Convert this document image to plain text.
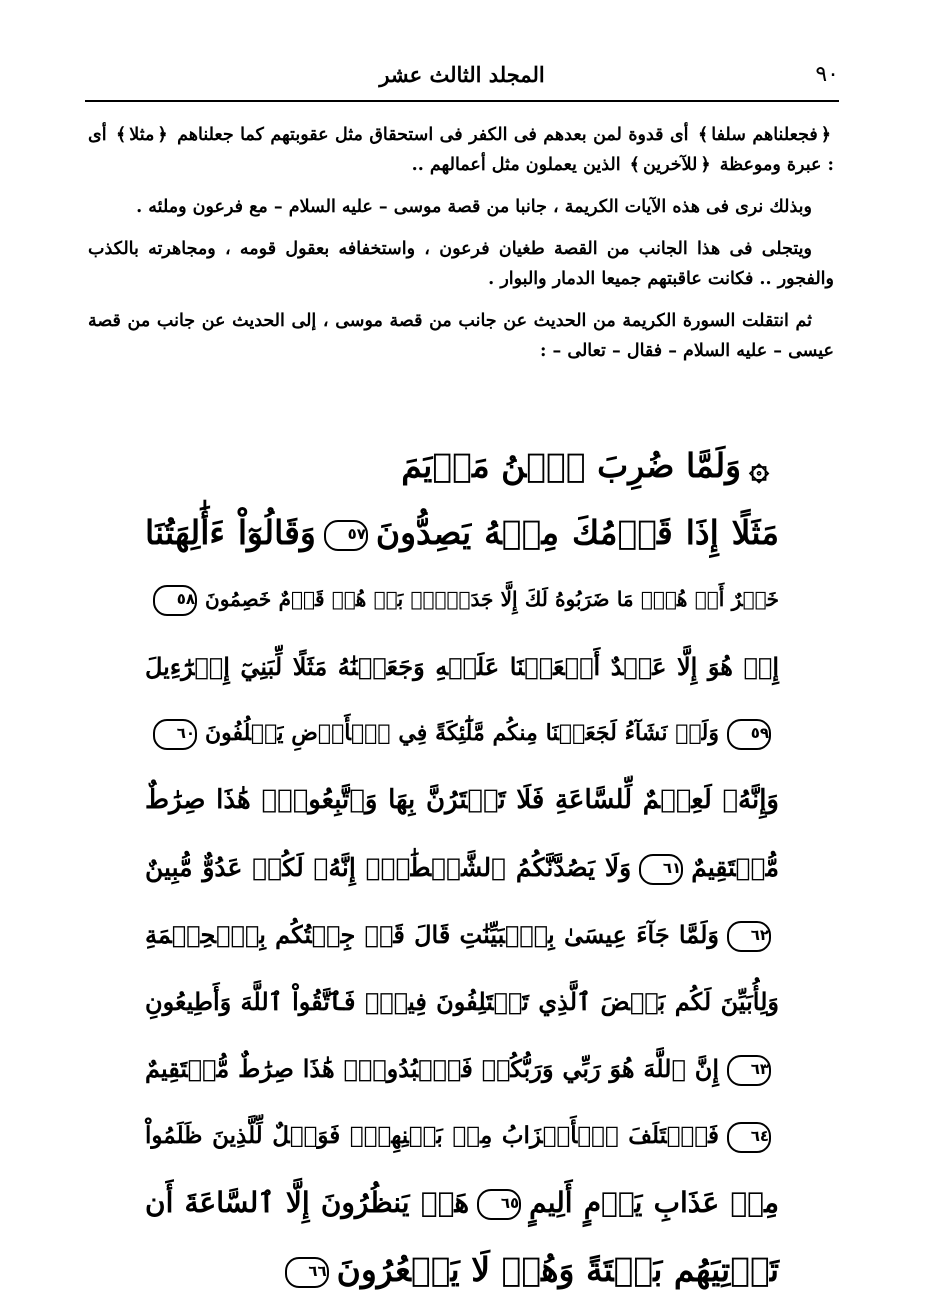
٩٠
المجلد الثالث عشر

﴿فجعلناهم سلفا﴾ أى قدوة لمن بعدهم فى الكفر فى استحقاق مثل عقوبتهم كما جعلناهم ﴿مثلا﴾ أى : عبرة وموعظة ﴿للآخرين﴾ الذين يعملون مثل أعمالهم ..

وبذلك نرى فى هذه الآيات الكريمة ، جانبا من قصة موسى – عليه السلام – مع فرعون وملئه .

ويتجلى فى هذا الجانب من القصة طغيان فرعون ، واستخفافه بعقول قومه ، ومجاهرته بالكذب والفجور .. فكانت عاقبتهم جميعا الدمار والبوار .

ثم انتقلت السورة الكريمة من الحديث عن جانب من قصة موسى ، إلى الحديث عن جانب من قصة عيسى – عليه السلام – فقال – تعالى – :

۞وَلَمَّا ضُرِبَ ٱبۡنُ مَرۡيَمَ
مَثَلًا إِذَا قَوۡمُكَ مِنۡهُ يَصِدُّونَ٥٧وَقَالُوٓاْ ءَأَٰلِهَتُنَا
خَيۡرٌ أَمۡ هُوَۚ مَا ضَرَبُوهُ لَكَ إِلَّا جَدَلَۢاۚ بَلۡ هُمۡ قَوۡمٌ خَصِمُونَ٥٨
إِنۡ هُوَ إِلَّا عَبۡدٌ أَنۡعَمۡنَا عَلَيۡهِ وَجَعَلۡنَٰهُ مَثَلًا لِّبَنِيٓ إِسۡرَٰٓءِيلَ
٥٩وَلَوۡ نَشَآءُ لَجَعَلۡنَا مِنكُم مَّلَٰٓئِكَةً فِي ٱلۡأَرۡضِ يَخۡلُفُونَ٦٠
وَإِنَّهُۥ لَعِلۡمٌ لِّلسَّاعَةِ فَلَا تَمۡتَرُنَّ بِهَا وَٱتَّبِعُونِۚ هَٰذَا صِرَٰطٌ
مُّسۡتَقِيمٌ٦١وَلَا يَصُدَّنَّكُمُ ٱلشَّيۡطَٰنُۖ إِنَّهُۥ لَكُمۡ عَدُوٌّ مُّبِينٌ
٦٢وَلَمَّا جَآءَ عِيسَىٰ بِٱلۡبَيِّنَٰتِ قَالَ قَدۡ جِئۡتُكُم بِٱلۡحِكۡمَةِ
وَلِأُبَيِّنَ لَكُم بَعۡضَ ٱلَّذِي تَخۡتَلِفُونَ فِيهِۖ فَٱتَّقُواْ ٱللَّهَ وَأَطِيعُونِ
٦٣إِنَّ ٱللَّهَ هُوَ رَبِّي وَرَبُّكُمۡ فَٱعۡبُدُوهُۚ هَٰذَا صِرَٰطٌ مُّسۡتَقِيمٌ
٦٤فَٱخۡتَلَفَ ٱلۡأَحۡزَابُ مِنۢ بَيۡنِهِمۡۖ فَوَيۡلٌ لِّلَّذِينَ ظَلَمُواْ
مِنۡ عَذَابِ يَوۡمٍ أَلِيمٍ٦٥هَلۡ يَنظُرُونَ إِلَّا ٱلسَّاعَةَ أَن
تَأۡتِيَهُم بَغۡتَةً وَهُمۡ لَا يَشۡعُرُونَ٦٦
